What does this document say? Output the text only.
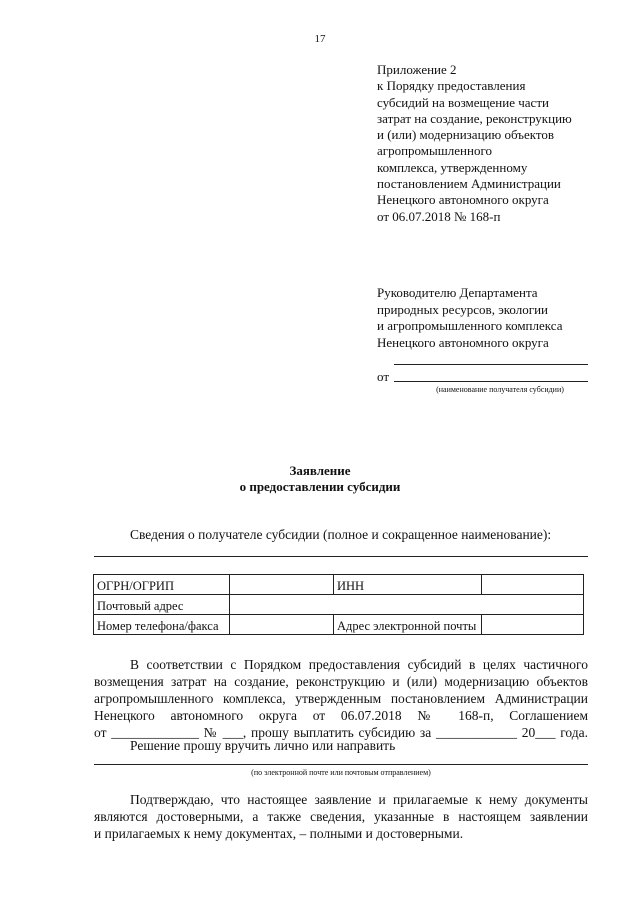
17
Приложение 2
к Порядку предоставления
субсидий на возмещение части
затрат на создание, реконструкцию
и (или) модернизацию объектов
агропромышленного
комплекса, утвержденному
постановлением Администрации
Ненецкого автономного округа
от 06.07.2018 № 168-п
Руководителю Департамента
природных ресурсов, экологии
и агропромышленного комплекса
Ненецкого автономного округа
от
(наименование получателя субсидии)
Заявление
о предоставлении субсидии
Сведения о получателе субсидии (полное и сокращенное наименование):
ОГРН/ОГРИП		ИНН	
Почтовый адрес			
Номер телефона/факса		Адрес электронной почты	
В соответствии с Порядком предоставления субсидий в целях частичного
возмещения затрат на создание, реконструкцию и (или) модернизацию объектов
агропромышленного комплекса, утвержденным постановлением Администрации
Ненецкого автономного округа от 06.07.2018 № 168-п, Соглашением
от _____________ № ___, прошу выплатить субсидию за ____________ 20___ года.
Решение прошу вручить лично или направить
(по электронной почте или почтовым отправлением)
Подтверждаю, что настоящее заявление и прилагаемые к нему документы
являются достоверными, а также сведения, указанные в настоящем заявлении
и прилагаемых к нему документах, – полными и достоверными.
